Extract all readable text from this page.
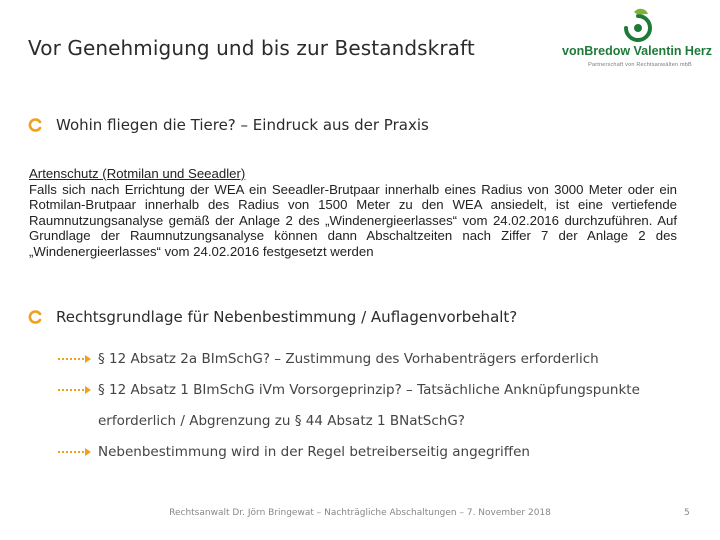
Vor Genehmigung und bis zur Bestandskraft	vonBredow Valentin Herz
Partnerschaft von Rechtsanwälten mbB
Wohin fliegen die Tiere? – Eindruck aus der Praxis
Artenschutz (Rotmilan und Seeadler)
Falls sich nach Errichtung der WEA ein Seeadler-Brutpaar innerhalb eines Radius von 3000 Meter oder ein Rotmilan-Brutpaar innerhalb des Radius von 1500 Meter zu den WEA ansiedelt, ist eine vertiefende Raumnutzungsanalyse gemäß der Anlage 2 des „Windenergieerlasses“ vom 24.02.2016 durchzuführen. Auf Grundlage der Raumnutzungsanalyse können dann Abschaltzeiten nach Ziffer 7 der Anlage 2 des „Windenergieerlasses“ vom 24.02.2016 festgesetzt werden
Rechtsgrundlage für Nebenbestimmung / Auflagenvorbehalt?
§ 12 Absatz 2a BImSchG? – Zustimmung des Vorhabenträgers erforderlich
§ 12 Absatz 1 BImSchG iVm Vorsorgeprinzip? – Tatsächliche Anknüpfungspunkte
erforderlich / Abgrenzung zu § 44 Absatz 1 BNatSchG?
Nebenbestimmung wird in der Regel betreiberseitig angegriffen
Rechtsanwalt Dr. Jörn Bringewat – Nachträgliche Abschaltungen – 7. November 2018	5
